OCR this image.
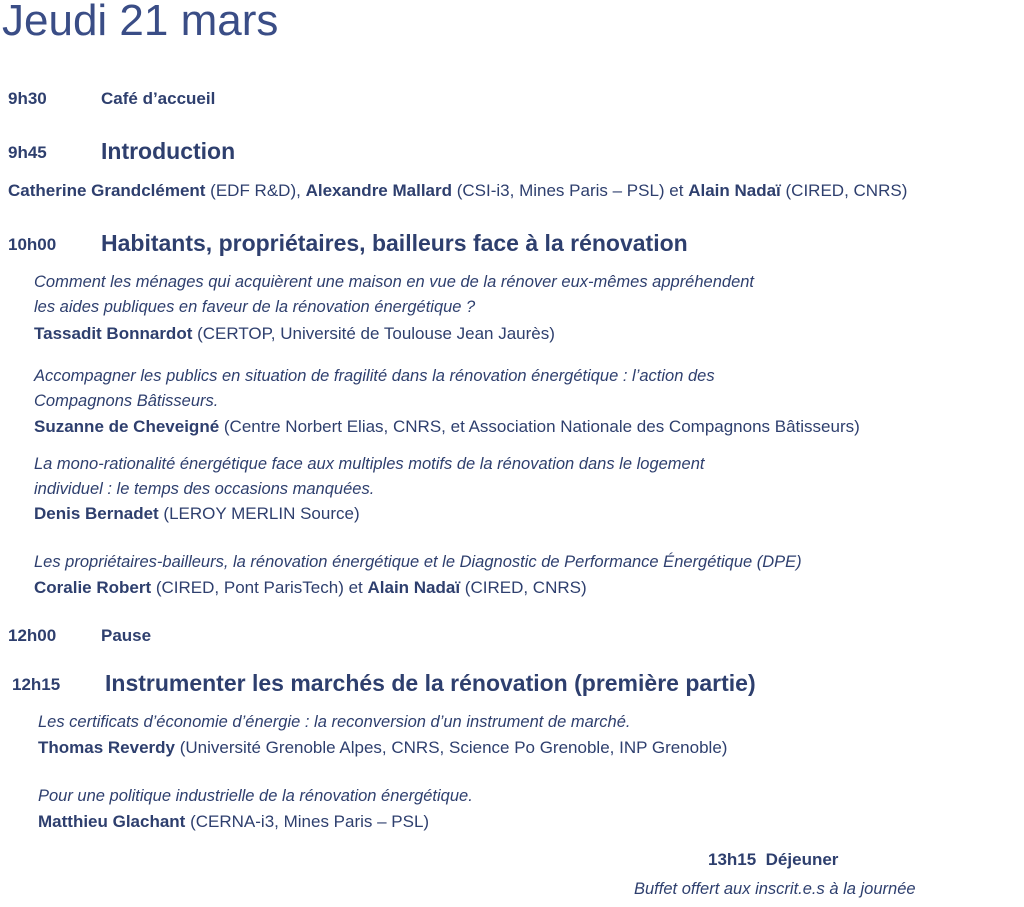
Jeudi 21 mars
9h30	Café d’accueil
9h45 Introduction
Catherine Grandclément (EDF R&D), Alexandre Mallard (CSI-i3, Mines Paris – PSL) et Alain Nadaï (CIRED, CNRS)
10h00 Habitants, propriétaires, bailleurs face à la rénovation
Comment les ménages qui acquièrent une maison en vue de la rénover eux-mêmes appréhendent
les aides publiques en faveur de la rénovation énergétique ?
Tassadit Bonnardot (CERTOP, Université de Toulouse Jean Jaurès)
Accompagner les publics en situation de fragilité dans la rénovation énergétique : l’action des
Compagnons Bâtisseurs.
Suzanne de Cheveigné (Centre Norbert Elias, CNRS, et Association Nationale des Compagnons Bâtisseurs)
La mono-rationalité énergétique face aux multiples motifs de la rénovation dans le logement
individuel : le temps des occasions manquées.
Denis Bernadet (LEROY MERLIN Source)
Les propriétaires-bailleurs, la rénovation énergétique et le Diagnostic de Performance Énergétique (DPE)
Coralie Robert (CIRED, Pont ParisTech) et Alain Nadaï (CIRED, CNRS)
12h00	Pause
12h15 Instrumenter les marchés de la rénovation (première partie)
Les certificats d’économie d’énergie : la reconversion d’un instrument de marché.
Thomas Reverdy (Université Grenoble Alpes, CNRS, Science Po Grenoble, INP Grenoble)
Pour une politique industrielle de la rénovation énergétique.
Matthieu Glachant (CERNA-i3, Mines Paris – PSL)
13h15 Déjeuner
Buffet offert aux inscrit.e.s à la journée
